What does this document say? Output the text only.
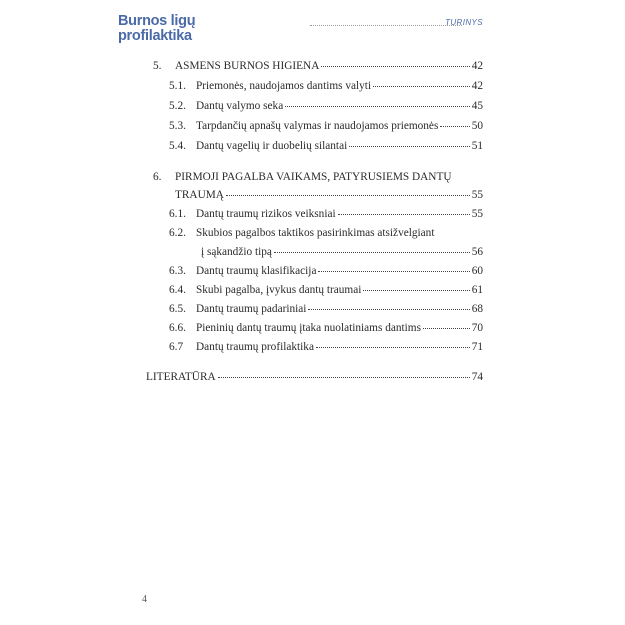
Burnos ligų
profilaktika
TURINYS
5.	ASMENS BURNOS HIGIENA	42
5.1. Priemonės, naudojamos dantims valyti	42
5.2. Dantų valymo seka	45
5.3. Tarpdančių apnašų valymas ir naudojamos priemonės	50
5.4. Dantų vagelių ir duobelių silantai	51
6. PIRMOJI PAGALBA VAIKAMS, PATYRUSIEMS DANTŲ
TRAUMĄ	55
6.1. Dantų traumų rizikos veiksniai	55
6.2. Skubios pagalbos taktikos pasirinkimas atsižvelgiant
į sąkandžio tipą	56
6.3. Dantų traumų klasifikacija	60
6.4. Skubi pagalba, įvykus dantų traumai	61
6.5. Dantų traumų padariniai	68
6.6. Pieninių dantų traumų įtaka nuolatiniams dantims	70
6.7	Dantų traumų profilaktika	71
LITERATŪRA	74
4
